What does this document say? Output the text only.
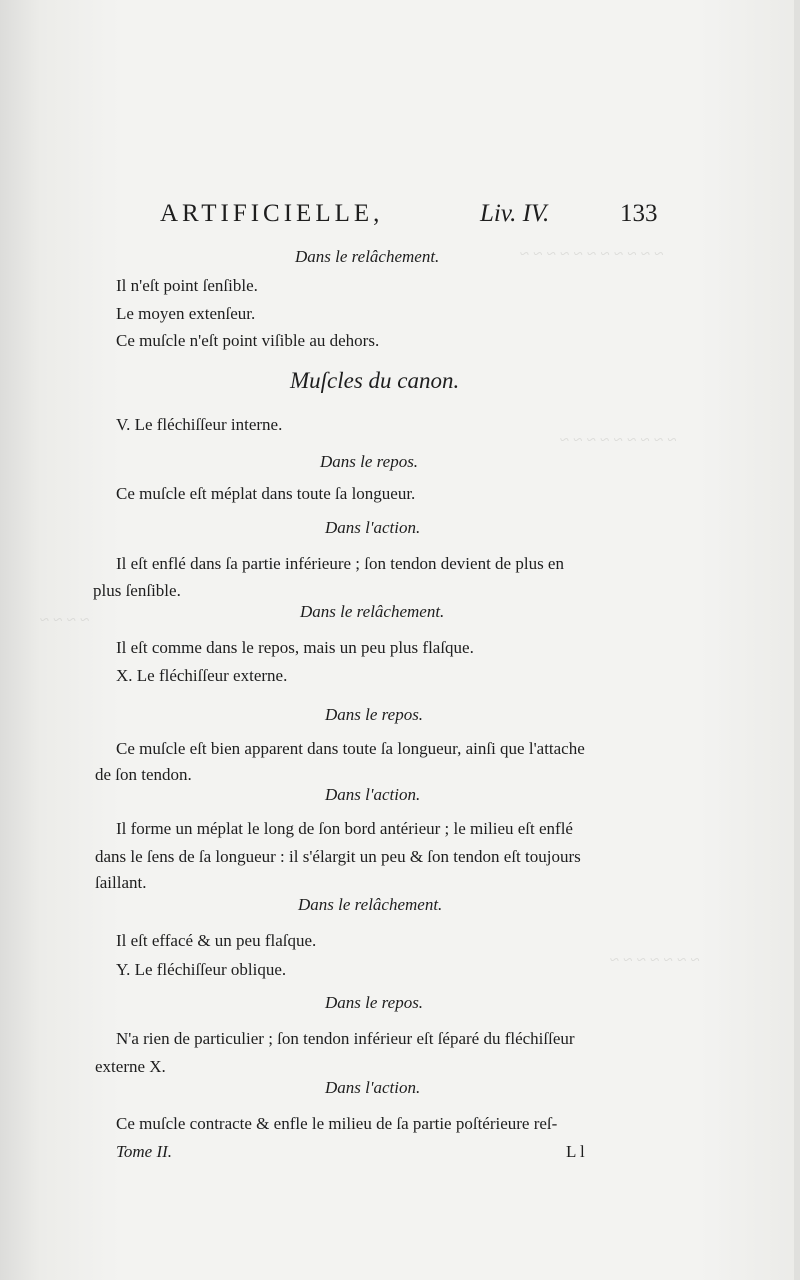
~ ~ ~ ~ ~ ~ ~ ~ ~ ~ ~
~ ~ ~ ~ ~ ~ ~ ~ ~
~ ~ ~ ~
~ ~ ~ ~ ~ ~ ~
ARTIFICIELLE,	Liv. IV.	133
Dans le relâchement.
Il n'eſt point ſenſible.
Le moyen extenſeur.
Ce muſcle n'eſt point viſible au dehors.
Muſcles du canon.
V. Le fléchiſſeur interne.
Dans le repos.
Ce muſcle eſt méplat dans toute ſa longueur.
Dans l'action.
Il eſt enflé dans ſa partie inférieure ; ſon tendon devient de plus en
plus ſenſible.
Dans le relâchement.
Il eſt comme dans le repos, mais un peu plus flaſque.
X. Le fléchiſſeur externe.
Dans le repos.
Ce muſcle eſt bien apparent dans toute ſa longueur, ainſi que l'attache
de ſon tendon.
Dans l'action.
Il forme un méplat le long de ſon bord antérieur ; le milieu eſt enflé
dans le ſens de ſa longueur : il s'élargit un peu & ſon tendon eſt toujours
ſaillant.
Dans le relâchement.
Il eſt effacé & un peu flaſque.
Y. Le fléchiſſeur oblique.
Dans le repos.
N'a rien de particulier ; ſon tendon inférieur eſt ſéparé du fléchiſſeur
externe X.
Dans l'action.
Ce muſcle contracte & enfle le milieu de ſa partie poſtérieure reſ-
Tome II.	L l
